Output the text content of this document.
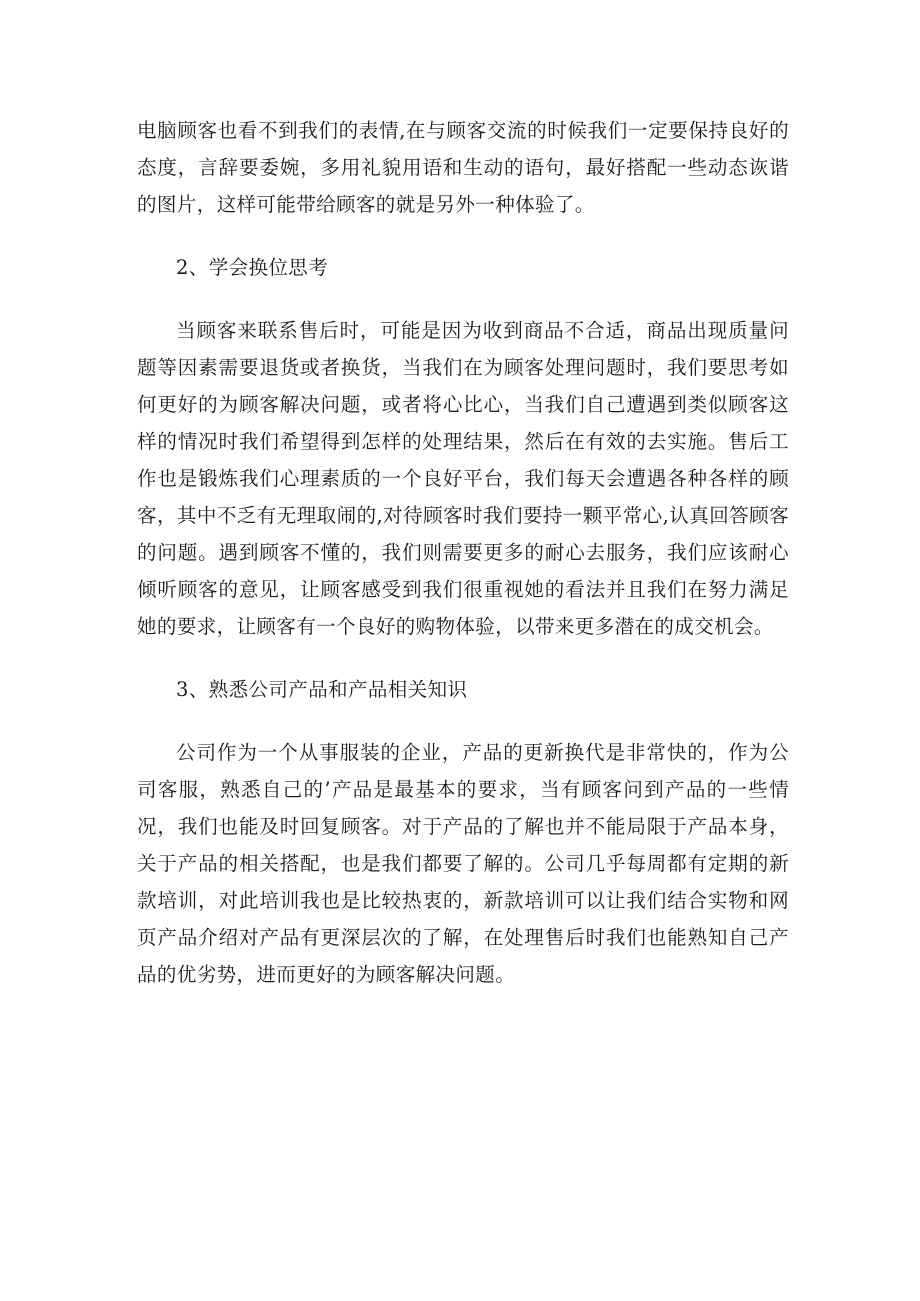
电脑顾客也看不到我们的表情,在与顾客交流的时候我们一定要保持良好的态度，言辞要委婉，多用礼貌用语和生动的语句，最好搭配一些动态诙谐的图片，这样可能带给顾客的就是另外一种体验了。

2、学会换位思考

当顾客来联系售后时，可能是因为收到商品不合适，商品出现质量问题等因素需要退货或者换货，当我们在为顾客处理问题时，我们要思考如何更好的为顾客解决问题，或者将心比心，当我们自己遭遇到类似顾客这样的情况时我们希望得到怎样的处理结果，然后在有效的去实施。售后工作也是锻炼我们心理素质的一个良好平台，我们每天会遭遇各种各样的顾客，其中不乏有无理取闹的,对待顾客时我们要持一颗平常心,认真回答顾客的问题。遇到顾客不懂的，我们则需要更多的耐心去服务，我们应该耐心倾听顾客的意见，让顾客感受到我们很重视她的看法并且我们在努力满足她的要求，让顾客有一个良好的购物体验，以带来更多潜在的成交机会。

3、熟悉公司产品和产品相关知识

公司作为一个从事服装的企业，产品的更新换代是非常快的，作为公司客服，熟悉自己的’产品是最基本的要求，当有顾客问到产品的一些情况，我们也能及时回复顾客。对于产品的了解也并不能局限于产品本身，关于产品的相关搭配，也是我们都要了解的。公司几乎每周都有定期的新款培训，对此培训我也是比较热衷的，新款培训可以让我们结合实物和网页产品介绍对产品有更深层次的了解，在处理售后时我们也能熟知自己产品的优劣势，进而更好的为顾客解决问题。
